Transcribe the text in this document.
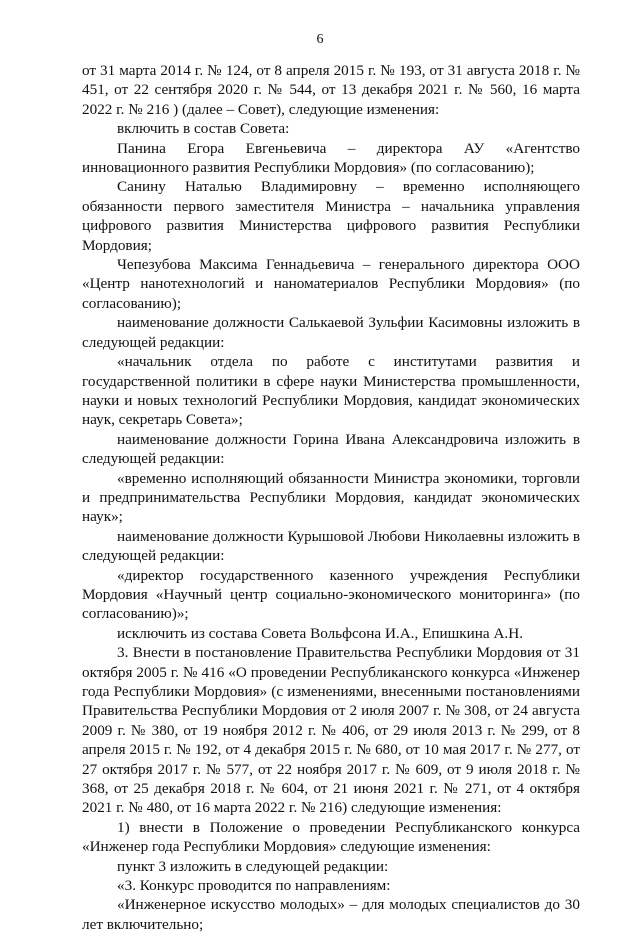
6

от 31 марта 2014 г. № 124, от 8 апреля 2015 г. № 193, от 31 августа 2018 г. № 451, от 22 сентября 2020 г. № 544, от 13 декабря 2021 г. № 560, 16 марта 2022 г. № 216 ) (далее – Совет), следующие изменения:

включить в состав Совета:

Панина Егора Евгеньевича – директора АУ «Агентство инновационного развития Республики Мордовия» (по согласованию);

Санину Наталью Владимировну – временно исполняющего обязанности первого заместителя Министра – начальника управления цифрового развития Министерства цифрового развития Республики Мордовия;

Чепезубова Максима Геннадьевича – генерального директора ООО «Центр нанотехнологий и наноматериалов Республики Мордовия» (по согласованию);

наименование должности Салькаевой Зульфии Касимовны изложить в следующей редакции:

«начальник отдела по работе с институтами развития и государственной политики в сфере науки Министерства промышленности, науки и новых технологий Республики Мордовия, кандидат экономических наук, секретарь Совета»;

наименование должности Горина Ивана Александровича изложить в следующей редакции:

«временно исполняющий обязанности Министра экономики, торговли и предпринимательства Республики Мордовия, кандидат экономических наук»;

наименование должности Курышовой Любови Николаевны изложить в следующей редакции:

«директор государственного казенного учреждения Республики Мордовия «Научный центр социально-экономического мониторинга» (по согласованию)»;

исключить из состава Совета Вольфсона И.А., Епишкина А.Н.

3. Внести в постановление Правительства Республики Мордовия от 31 октября 2005 г. № 416 «О проведении Республиканского конкурса «Инженер года Республики Мордовия» (с изменениями, внесенными постановлениями Правительства Республики Мордовия от 2 июля 2007 г. № 308, от 24 августа 2009 г. № 380, от 19 ноября 2012 г. № 406, от 29 июля 2013 г. № 299, от 8 апреля 2015 г. № 192, от 4 декабря 2015 г. № 680, от 10 мая 2017 г. № 277, от 27 октября 2017 г. № 577, от 22 ноября 2017 г. № 609, от 9 июля 2018 г. № 368, от 25 декабря 2018 г. № 604, от 21 июня 2021 г. № 271, от 4 октября 2021 г. № 480, от 16 марта 2022 г. № 216) следующие изменения:

1) внести в Положение о проведении Республиканского конкурса «Инженер года Республики Мордовия» следующие изменения:

пункт 3 изложить в следующей редакции:

«3. Конкурс проводится по направлениям:

«Инженерное искусство молодых» – для молодых специалистов до 30 лет включительно;
